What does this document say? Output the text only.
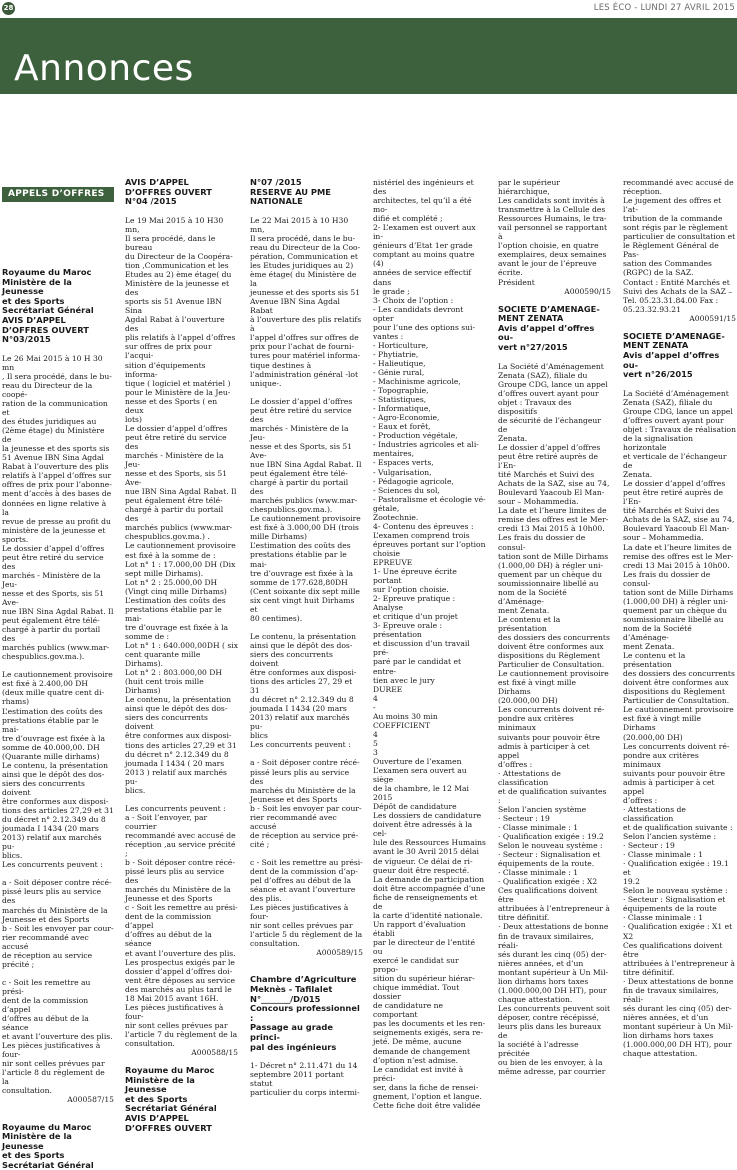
28	LES ÉCO - LUNDI 27 AVRIL 2015
Annonces
APPELS D’OFFRES

Royaume du Maroc

Ministère de la Jeunesse

et des Sports

Secrétariat Général

AVIS D’APPEL

D’OFFRES OUVERT

N°03/2015

Le 26 Mai 2015 à 10 H 30 mn

, Il sera procédé, dans le bu-

reau du Directeur de la coopé-

ration de la communication et

des études juridiques au

(2ème étage) du Ministère de

la jeunesse et des sports sis

51 Avenue IBN Sina Agdal

Rabat à l’ouverture des plis

relatifs à l’appel d’offres sur

offres de prix pour l’abonne-

ment d’accès à des bases de

données en ligne relative à la

revue de presse au profit du

ministère de la jeunesse et

sports.

Le dossier d’appel d’offres

peut être retiré du service des

marchés - Ministère de la Jeu-

nesse et des Sports, sis 51 Ave-

nue IBN Sina Agdal Rabat. Il

peut également être télé-

chargé à partir du portail des

marchés publics (www.mar-

chespublics.gov.ma.).

Le cautionnement provisoire

est fixé à 2.400,00 DH

(deux mille quatre cent di-

rhams)

L’estimation des coûts des

prestations établie par le mai-

tre d’ouvrage est fixée à la

somme de 40.000,00. DH

(Quarante mille dirhams)

Le contenu, la présentation

ainsi que le dépôt des dos-

siers des concurrents doivent

être conformes aux disposi-

tions des articles 27,29 et 31

du décret n° 2.12.349 du 8

joumada I 1434 (20 mars

2013) relatif aux marchés pu-

blics.

Les concurrents peuvent :

a - Soit déposer contre récé-

pissé leurs plis au service des

marchés du Ministère de la

Jeunesse et des Sports

b - Soit les envoyer par cour-

rier recommandé avec accusé

de réception au service

précité ;

c - Soit les remettre au prési-

dent de la commission d’appel

d’offres au début de la séance

et avant l’ouverture des plis.

Les pièces justificatives à four-

nir sont celles prévues par

l’article 8 du règlement de la

consultation.

A000587/15

Royaume du Maroc

Ministère de la Jeunesse

et des Sports

Secrétariat Général

AVIS D’APPEL

D’OFFRES OUVERT

N°04 /2015

Le 19 Mai 2015 à 10 H30 mn,

Il sera procédé, dans le bureau

du Directeur de la Coopéra-

tion ,Communication et les

Etudes au 2) ème étage( du

Ministère de la jeunesse et des

sports sis 51 Avenue IBN Sina

Agdal Rabat à l’ouverture des

plis relatifs à l’appel d’offres

sur offres de prix pour l’acqui-

sition d’équipements informa-

tique ( logiciel et matériel )

pour le Ministère de la Jeu-

nesse et des Sports ( en deux

lots)

Le dossier d’appel d’offres

peut être retiré du service des

marchés - Ministère de la Jeu-

nesse et des Sports, sis 51 Ave-

nue IBN Sina Agdal Rabat. Il

peut également être télé-

chargé à partir du portail des

marchés publics (www.mar-

chespublics.gov.ma.) .

Le cautionnement provisoire

est fixé à la somme de :

Lot n° 1 : 17.000,00 DH (Dix

sept mille Dirhams).

Lot n° 2 : 25.000,00 DH

(Vingt cinq mille Dirhams)

L’estimation des coûts des

prestations établie par le mai-

tre d’ouvrage est fixée à la

somme de :

Lot n° 1 : 640.000,00DH ( six

cent quarante mille Dirhams).

Lot n° 2 : 803.000,00 DH

(huit cent trois mille Dirhams)

Le contenu, la présentation

ainsi que le dépôt des dos-

siers des concurrents doivent

être conformes aux disposi-

tions des articles 27,29 et 31

du décret n° 2.12.349 du 8

joumada I 1434 ( 20 mars

2013 ) relatif aux marchés pu-

blics.

Les concurrents peuvent :

a - Soit l’envoyer, par courrier

recommandé avec accusé de

réception ,au service précité ;

b - Soit déposer contre récé-

pissé leurs plis au service des

marchés du Ministère de la

Jeunesse et des Sports

c - Soit les remettre au prési-

dent de la commission d’appel

d’offres au début de la séance

et avant l’ouverture des plis.

Les prospectus exigés par le

dossier d’appel d’offres doi-

vent être déposes au service

des marchés au plus tard le

18 Mai 2015 avant 16H.

Les pièces justificatives à four-

nir sont celles prévues par

l’article 7 du règlement de la

consultation.

A000588/15

Royaume du Maroc

Ministère de la Jeunesse

et des Sports

Secrétariat Général

AVIS D’APPEL

D’OFFRES OUVERT

N°07 /2015

RESERVE AU PME

NATIONALE

Le 22 Mai 2015 à 10 H30 mn,

Il sera procédé, dans le bu-

reau du Directeur de la Coo-

pération, Communication et

les Etudes juridiques au 2)

ème étage( du Ministère de la

jeunesse et des sports sis 51

Avenue IBN Sina Agdal Rabat

à l’ouverture des plis relatifs à

l’appel d’offres sur offres de

prix pour l’achat de fourni-

tures pour matériel informa-

tique destines à

l’administration général -lot

unique-.

Le dossier d’appel d’offres

peut être retiré du service des

marchés - Ministère de la Jeu-

nesse et des Sports, sis 51 Ave-

nue IBN Sina Agdal Rabat. Il

peut également être télé-

chargé à partir du portail des

marchés publics (www.mar-

chespublics.gov.ma.).

Le cautionnement provisoire

est fixé à 3.000,00 DH (trois

mille Dirhams)

L’estimation des coûts des

prestations établie par le mai-

tre d’ouvrage est fixée à la

somme de 177.628,80DH

(Cent soixante dix sept mille

six cent vingt huit Dirhams et

80 centimes).

Le contenu, la présentation

ainsi que le dépôt des dos-

siers des concurrents doivent

être conformes aux disposi-

tions des articles 27, 29 et 31

du décret n° 2.12.349 du 8

joumada I 1434 (20 mars

2013) relatif aux marchés pu-

blics

Les concurrents peuvent :

a - Soit déposer contre récé-

pissé leurs plis au service des

marchés du Ministère de la

Jeunesse et des Sports

b - Soit les envoyer par cour-

rier recommandé avec accusé

de réception au service pré-

cité ;

c - Soit les remettre au prési-

dent de la commission d’ap-

pel d’offres au début de la

séance et avant l’ouverture

des plis.

Les pièces justificatives à four-

nir sont celles prévues par

l’article 5 du règlement de la

consultation.

A000589/15

Chambre d’Agriculture

Meknès - Tafilalet

N°_______/D/015

Concours professionnel :

Passage au grade princi-

pal des ingénieurs

1- Décret n° 2.11.471 du 14

septembre 2011 portant statut

particulier du corps intermi-

nistériel des ingénieurs et des

architectes, tel qu’il a été mo-

difié et complété ;

2- L’examen est ouvert aux in-

génieurs d’Etat 1er grade

comptant au moins quatre (4)

années de service effectif dans

le grade ;

3- Choix de l’option :

- Les candidats devront opter

pour l’une des options sui-

vantes :

- Horticulture,

- Phytiatrie,

- Halieutique,

- Génie rural,

- Machinisme agricole,

- Topographie,

- Statistiques,

- Informatique,

- Agro-Economie,

- Eaux et forêt,

- Production végétale,

- Industries agricoles et ali-

mentaires,

- Espaces verts,

- Vulgarisation,

- Pédagogie agricole,

- Sciences du sol,

- Pastoralisme et écologie vé-

gétale,

Zootechnie.

4- Contenu des épreuves :

L’examen comprend trois

épreuves portant sur l’option

choisie

EPREUVE

1- Une épreuve écrite portant

sur l’option choisie.

2- Epreuve pratique : Analyse

et critique d’un projet

3- Epreuve orale : présentation

et discussion d’un travail pré-

paré par le candidat et entre-

tien avec le jury

DUREE

4

-

Au moins 30 min

COEFFICIENT

4

5

3

Ouverture de l’examen

L’examen sera ouvert au siège

de la chambre, le 12 Mai 2015

Dépôt de candidature

Les dossiers de candidature

doivent être adressés à la cel-

lule des Ressources Humains

avant le 30 Avril 2015 délai

de vigueur. Ce délai de ri-

gueur doit être respecté.

La demande de participation

doit être accompagnée d’une

fiche de renseignements et de

la carte d’identité nationale.

Un rapport d’évaluation établi

par le directeur de l’entité ou

exercé le candidat sur propo-

sition du supérieur hiérar-

chique immédiat. Tout dossier

de candidature ne comportant

pas les documents et les ren-

seignements exigés, sera re-

jeté. De même, aucune

demande de changement

d’option n’est admise.

Le candidat est invité à préci-

ser, dans la fiche de rensei-

gnement, l’option et langue.

Cette fiche doit être validée

par le supérieur hiérarchique,

Les candidats sont invités à

transmettre à la Cellule des

Ressources Humains, le tra-

vail personnel se rapportant à

l’option choisie, en quatre

exemplaires, deux semaines

avant le jour de l’épreuve

écrite.

Président

A000590/15

SOCIETE D’AMENAGE-

MENT ZENATA

Avis d’appel d’offres ou-

vert n°27/2015

La Société d’Aménagement

Zenata (SAZ), filiale du

Groupe CDG, lance un appel

d’offres ouvert ayant pour

objet : Travaux des dispositifs

de sécurité de l’échangeur de

Zenata.

Le dossier d’appel d’offres

peut être retiré auprès de l’En-

tité Marchés et Suivi des

Achats de la SAZ, sise au 74,

Boulevard Yaacoub El Man-

sour – Mohammedia.

La date et l’heure limites de

remise des offres est le Mer-

credi 13 Mai 2015 à 10h00.

Les frais du dossier de consul-

tation sont de Mille Dirhams

(1.000,00 DH) à régler uni-

quement par un chèque du

soumissionnaire libellé au

nom de la Société d’Aménage-

ment Zenata.

Le contenu et la présentation

des dossiers des concurrents

doivent être conformes aux

dispositions du Règlement

Particulier de Consultation.

Le cautionnement provisoire

est fixé à vingt mille Dirhams

(20.000,00 DH)

Les concurrents doivent ré-

pondre aux critères minimaux

suivants pour pouvoir être

admis à participer à cet appel

d’offres :

· Attestations de classification

et de qualification suivantes :

Selon l’ancien système

· Secteur : 19

· Classe minimale : 1

· Qualification exigée : 19.2

Selon le nouveau système :

· Secteur : Signalisation et

équipements de la route.

· Classe minimale : 1

· Qualification exigée : X2

Ces qualifications doivent être

attribuées à l’entrepreneur à

titre définitif.

· Deux attestations de bonne

fin de travaux similaires, réali-

sés durant les cinq (05) der-

nières années, et d’un

montant supérieur à Un Mil-

lion dirhams hors taxes

(1.000.000,00 DH HT), pour

chaque attestation.

Les concurrents peuvent soit

déposer, contre récépissé,

leurs plis dans les bureaux de

la société à l’adresse précitée

ou bien de les envoyer, à la

même adresse, par courrier

recommandé avec accusé de

réception.

Le jugement des offres et l’at-

tribution de la commande

sont régis par le règlement

particulier de consultation et

le Règlement Général de Pas-

sation des Commandes

(RGPC) de la SAZ.

Contact : Entité Marchés et

Suivi des Achats de la SAZ –

Tel. 05.23.31.84.00 Fax :

05.23.32.93.21

A000591/15

SOCIETE D’AMENAGE-

MENT ZENATA

Avis d’appel d’offres ou-

vert n°26/2015

La Société d’Aménagement

Zenata (SAZ), filiale du

Groupe CDG, lance un appel

d’offres ouvert ayant pour

objet : Travaux de réalisation

de la signalisation horizontale

et verticale de l’échangeur de

Zenata.

Le dossier d’appel d’offres

peut être retiré auprès de l’En-

tité Marchés et Suivi des

Achats de la SAZ, sise au 74,

Boulevard Yaacoub El Man-

sour – Mohammedia.

La date et l’heure limites de

remise des offres est le Mer-

credi 13 Mai 2015 à 10h00.

Les frais du dossier de consul-

tation sont de Mille Dirhams

(1.000,00 DH) à régler uni-

quement par un chèque du

soumissionnaire libellé au

nom de la Société d’Aménage-

ment Zenata.

Le contenu et la présentation

des dossiers des concurrents

doivent être conformes aux

dispositions du Règlement

Particulier de Consultation.

Le cautionnement provisoire

est fixé à vingt mille Dirhams

(20.000,00 DH)

Les concurrents doivent ré-

pondre aux critères minimaux

suivants pour pouvoir être

admis à participer à cet appel

d’offres :

· Attestations de classification

et de qualification suivante :

Selon l’ancien système :

· Secteur : 19

· Classe minimale : 1

· Qualification exigée : 19.1 et

19.2

Selon le nouveau système :

· Secteur : Signalisation et

équipements de la route

· Classe minimale : 1

· Qualification exigée : X1 et

X2

Ces qualifications doivent être

attribuées à l’entrepreneur à

titre définitif.

· Deux attestations de bonne

fin de travaux similaires, réali-

sés durant les cinq (05) der-

nières années, et d’un

montant supérieur à Un Mil-

lion dirhams hors taxes

(1.000.000,00 DH HT), pour

chaque attestation.
